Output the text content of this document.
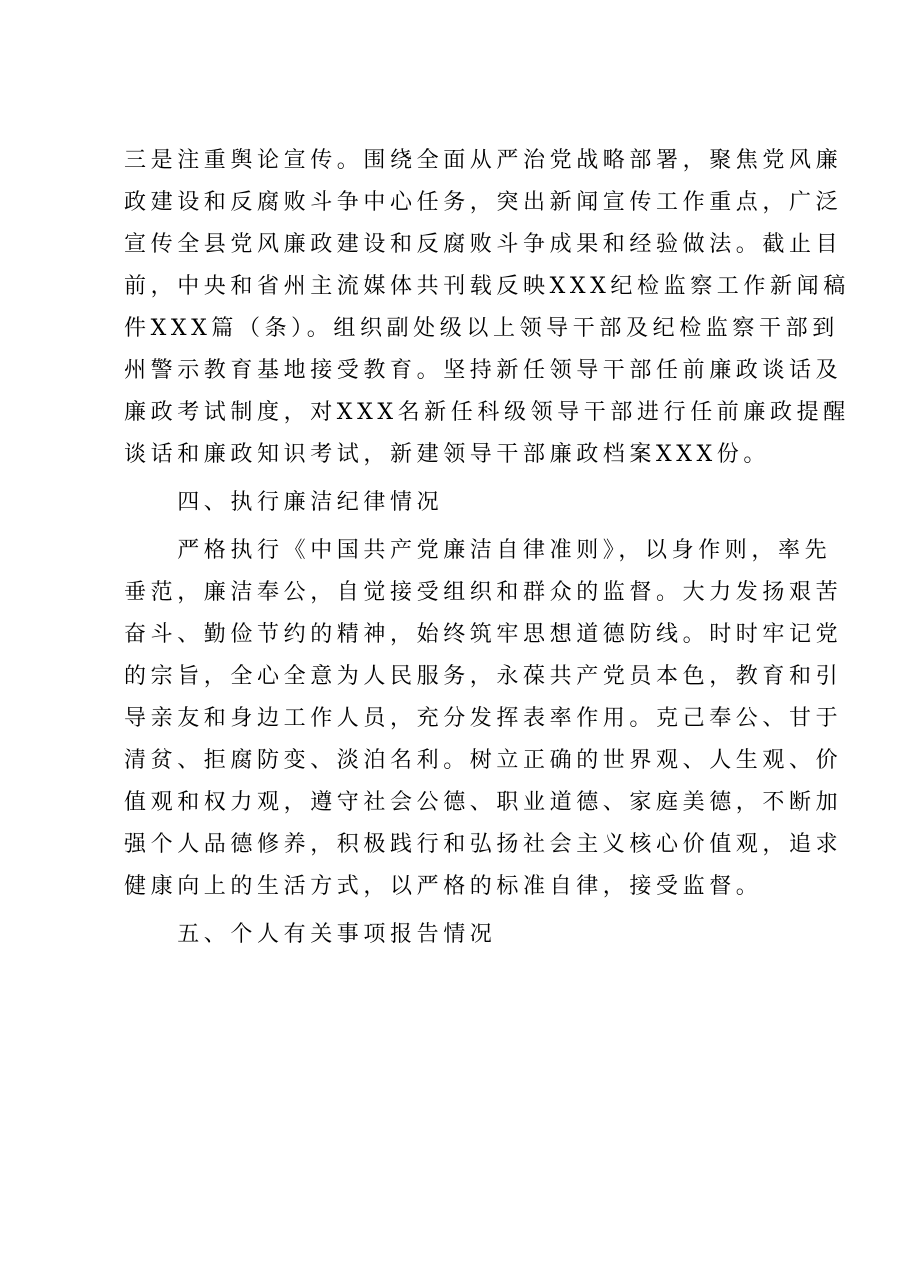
三是注重舆论宣传。围绕全面从严治党战略部署，聚焦党风廉
政建设和反腐败斗争中心任务，突出新闻宣传工作重点，广泛
宣传全县党风廉政建设和反腐败斗争成果和经验做法。截止目
前，中央和省州主流媒体共刊载反映XXX纪检监察工作新闻稿
件XXX篇（条）。组织副处级以上领导干部及纪检监察干部到
州警示教育基地接受教育。坚持新任领导干部任前廉政谈话及
廉政考试制度，对XXX名新任科级领导干部进行任前廉政提醒
谈话和廉政知识考试，新建领导干部廉政档案XXX份。
　　四、执行廉洁纪律情况
　　严格执行《中国共产党廉洁自律准则》，以身作则，率先
垂范，廉洁奉公，自觉接受组织和群众的监督。大力发扬艰苦
奋斗、勤俭节约的精神，始终筑牢思想道德防线。时时牢记党
的宗旨，全心全意为人民服务，永葆共产党员本色，教育和引
导亲友和身边工作人员，充分发挥表率作用。克己奉公、甘于
清贫、拒腐防变、淡泊名利。树立正确的世界观、人生观、价
值观和权力观，遵守社会公德、职业道德、家庭美德，不断加
强个人品德修养，积极践行和弘扬社会主义核心价值观，追求
健康向上的生活方式，以严格的标准自律，接受监督。
　　五、个人有关事项报告情况
